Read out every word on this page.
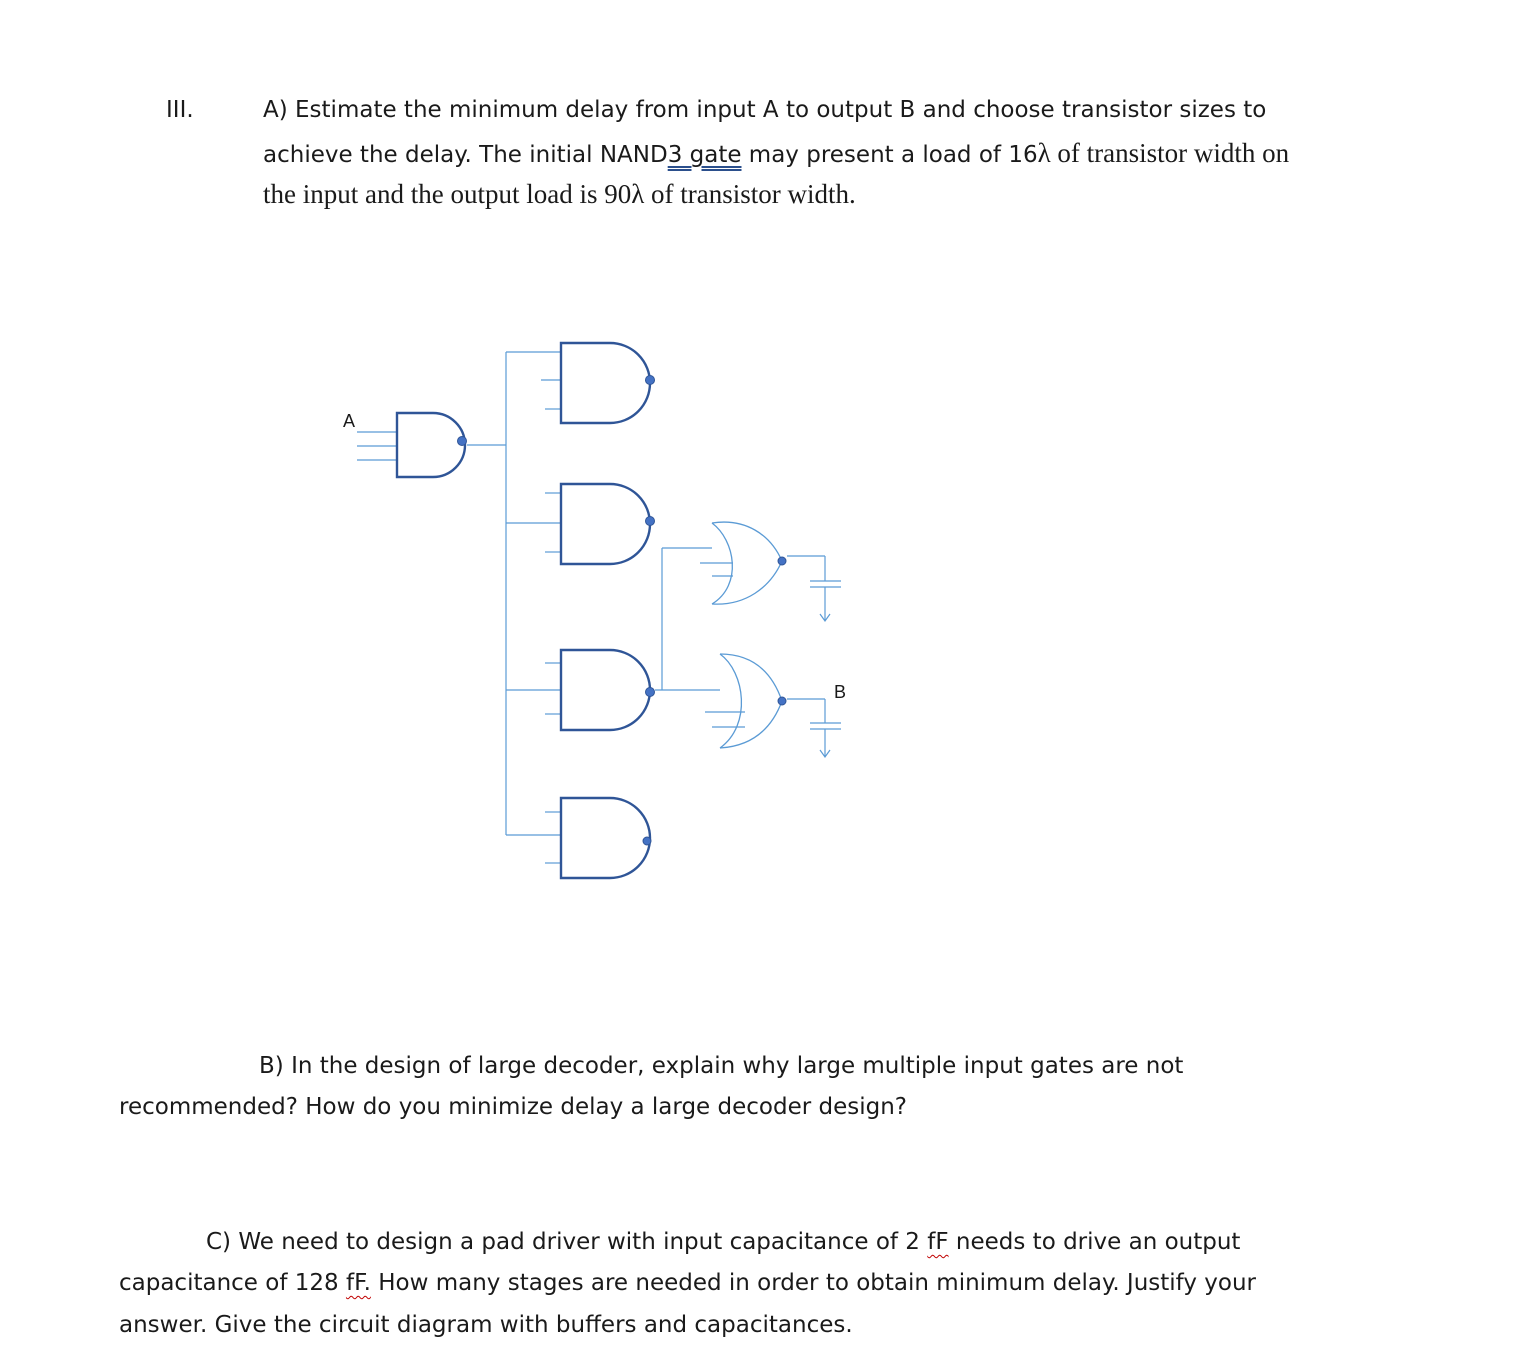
III.	A) Estimate the minimum delay from input A to output B and choose transistor sizes to
achieve the delay. The initial NAND3 gate may present a load of 16λ of transistor width on
the input and the output load is 90λ of transistor width.
A
B
B) In the design of large decoder, explain why large multiple input gates are not
recommended? How do you minimize delay a large decoder design?
C) We need to design a pad driver with input capacitance of 2 fF needs to drive an output
capacitance of 128 fF. How many stages are needed in order to obtain minimum delay. Justify your
answer. Give the circuit diagram with buffers and capacitances.
